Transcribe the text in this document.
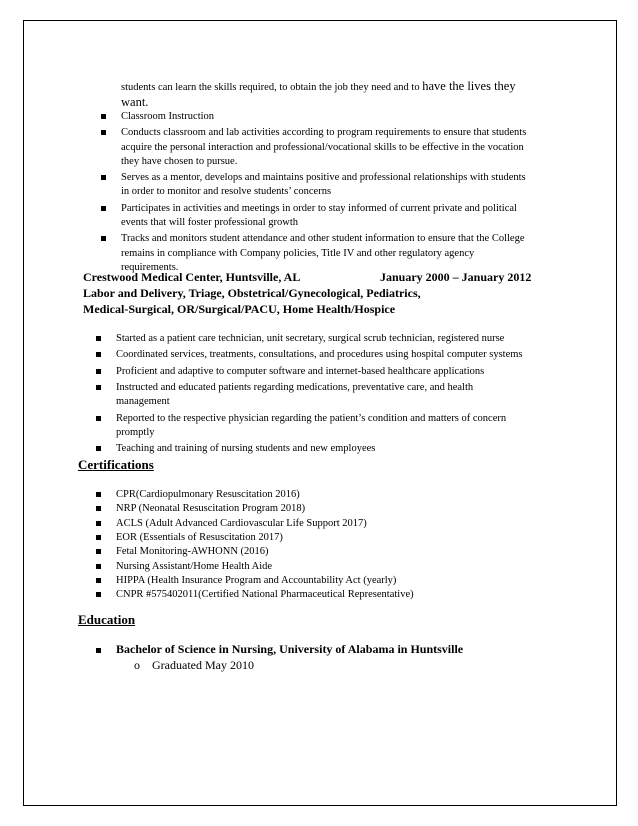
students can learn the skills required, to obtain the job they need and to have the lives they
want.
Classroom Instruction
Conducts classroom and lab activities according to program requirements to ensure that students
acquire the personal interaction and professional/vocational skills to be effective in the vocation
they have chosen to pursue.
Serves as a mentor, develops and maintains positive and professional relationships with students
in order to monitor and resolve students’ concerns
Participates in activities and meetings in order to stay informed of current private and political
events that will foster professional growth
Tracks and monitors student attendance and other student information to ensure that the College
remains in compliance with Company policies, Title IV and other regulatory agency
requirements.
Crestwood Medical Center, Huntsville, AL	January 2000 – January 2012
Labor and Delivery, Triage, Obstetrical/Gynecological, Pediatrics,
Medical-Surgical, OR/Surgical/PACU, Home Health/Hospice
Started as a patient care technician, unit secretary, surgical scrub technician, registered nurse
Coordinated services, treatments, consultations, and procedures using hospital computer systems
Proficient and adaptive to computer software and internet-based healthcare applications
Instructed and educated patients regarding medications, preventative care, and health
management
Reported to the respective physician regarding the patient’s condition and matters of concern
promptly
Teaching and training of nursing students and new employees
Certifications
CPR(Cardiopulmonary Resuscitation 2016)
NRP (Neonatal Resuscitation Program 2018)
ACLS (Adult Advanced Cardiovascular Life Support 2017)
EOR (Essentials of Resuscitation 2017)
Fetal Monitoring-AWHONN (2016)
Nursing Assistant/Home Health Aide
HIPPA (Health Insurance Program and Accountability Act (yearly)
CNPR #575402011(Certified National Pharmaceutical Representative)
Education
Bachelor of Science in Nursing, University of Alabama in Huntsville
o Graduated May 2010
